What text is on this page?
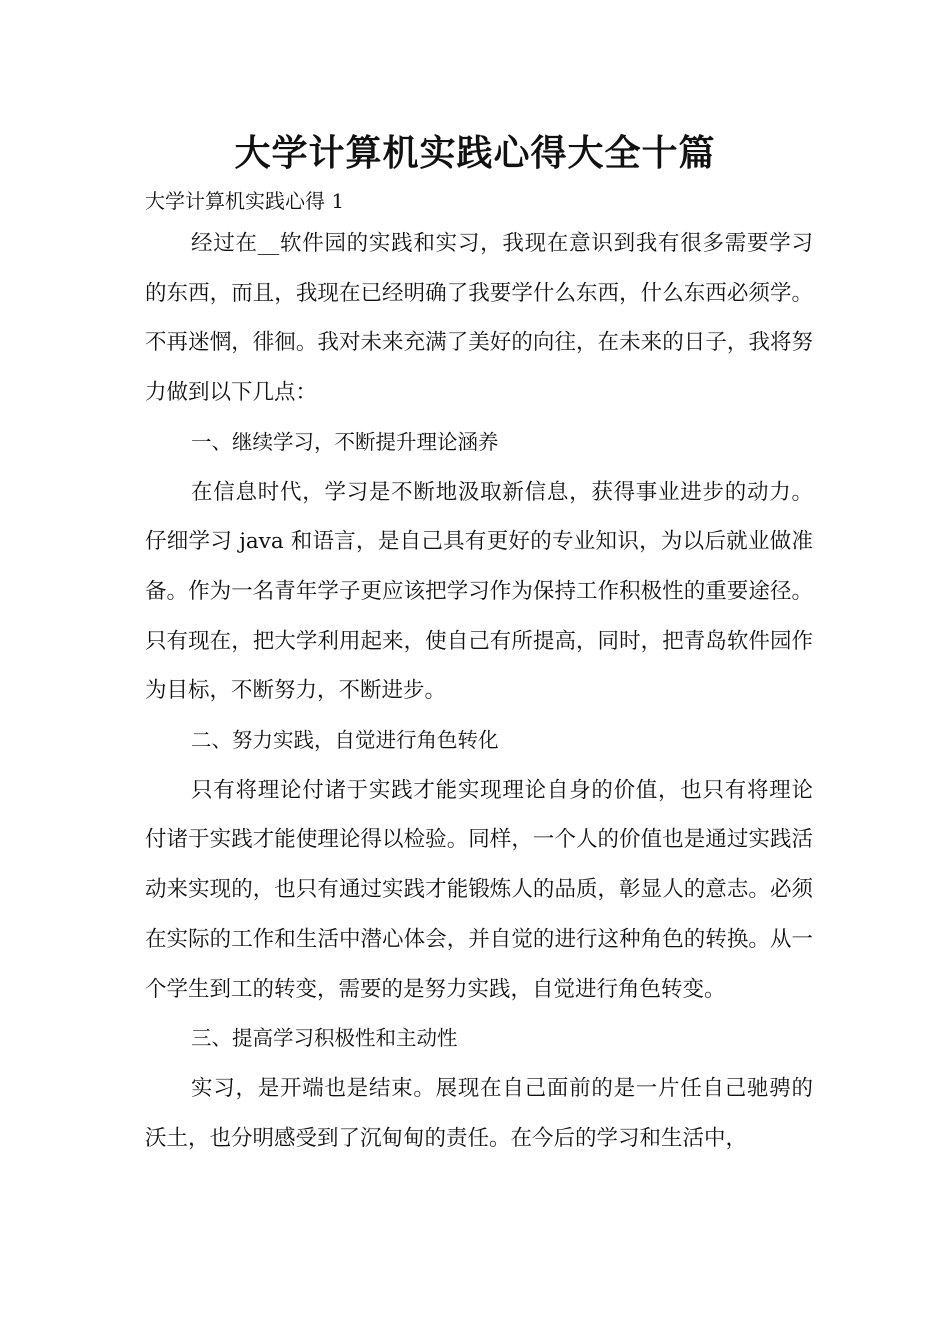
大学计算机实践心得大全十篇

大学计算机实践心得 1

经过在__软件园的实践和实习，我现在意识到我有很多需要学习的东西，而且，我现在已经明确了我要学什么东西，什么东西必须学。不再迷惘，徘徊。我对未来充满了美好的向往，在未来的日子，我将努力做到以下几点：

一、继续学习，不断提升理论涵养

在信息时代，学习是不断地汲取新信息，获得事业进步的动力。仔细学习 java 和语言，是自己具有更好的专业知识，为以后就业做准备。作为一名青年学子更应该把学习作为保持工作积极性的重要途径。只有现在，把大学利用起来，使自己有所提高，同时，把青岛软件园作为目标，不断努力，不断进步。

二、努力实践，自觉进行角色转化

只有将理论付诸于实践才能实现理论自身的价值，也只有将理论付诸于实践才能使理论得以检验。同样，一个人的价值也是通过实践活动来实现的，也只有通过实践才能锻炼人的品质，彰显人的意志。必须在实际的工作和生活中潜心体会，并自觉的进行这种角色的转换。从一个学生到工的转变，需要的是努力实践，自觉进行角色转变。

三、提高学习积极性和主动性

实习，是开端也是结束。展现在自己面前的是一片任自己驰骋的沃土，也分明感受到了沉甸甸的责任。在今后的学习和生活中，
